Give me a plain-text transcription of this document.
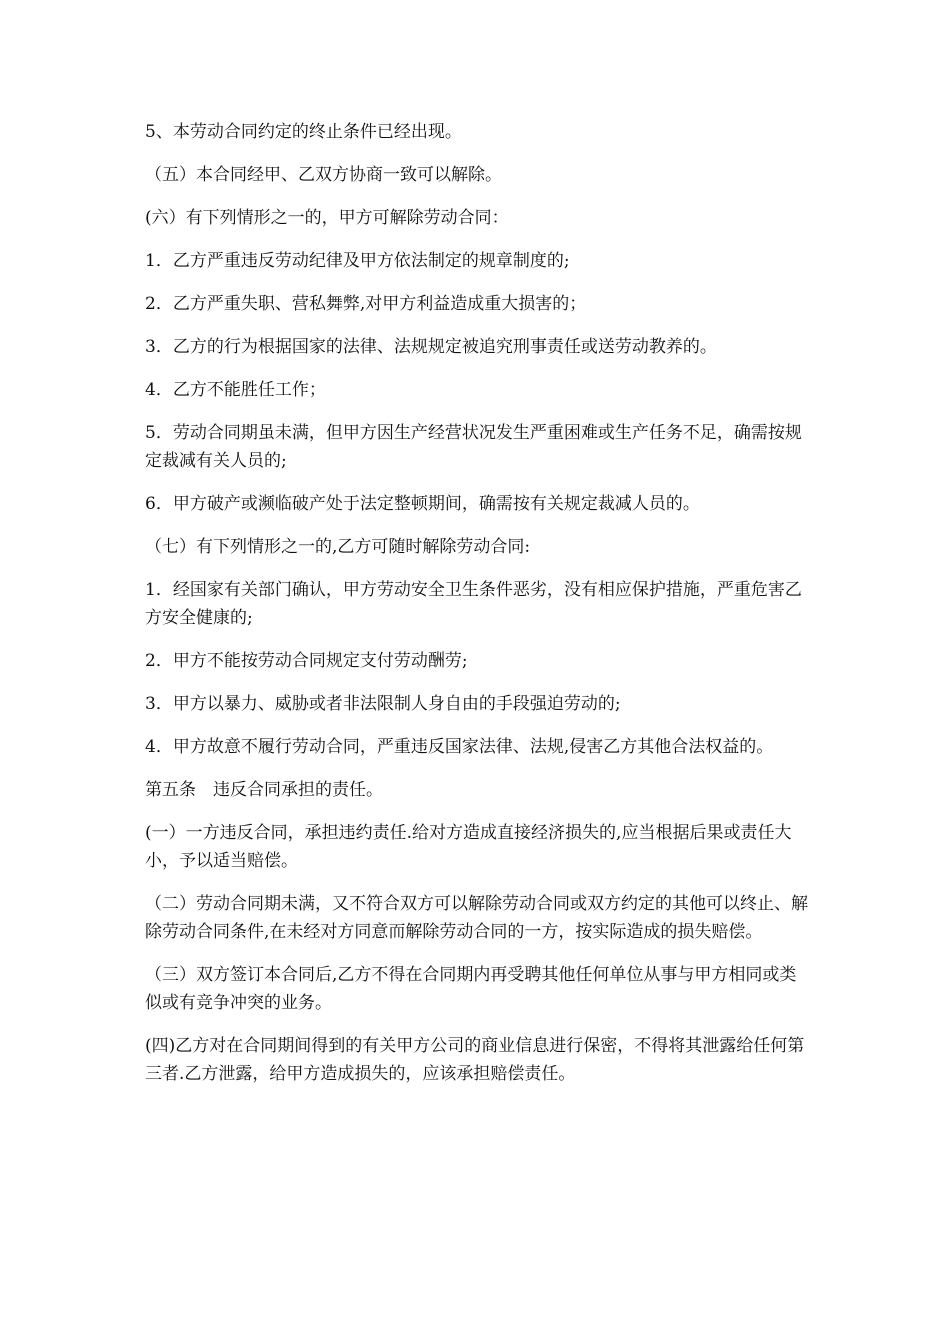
5、本劳动合同约定的终止条件已经出现。

（五）本合同经甲、乙双方协商一致可以解除。

(六）有下列情形之一的，甲方可解除劳动合同：

1．乙方严重违反劳动纪律及甲方依法制定的规章制度的;

2．乙方严重失职、营私舞弊,对甲方利益造成重大损害的；

3．乙方的行为根据国家的法律、法规规定被追究刑事责任或送劳动教养的。

4．乙方不能胜任工作；

5．劳动合同期虽未满，但甲方因生产经营状况发生严重困难或生产任务不足，确需按规定裁减有关人员的;

6．甲方破产或濒临破产处于法定整顿期间，确需按有关规定裁减人员的。

（七）有下列情形之一的,乙方可随时解除劳动合同:

1．经国家有关部门确认，甲方劳动安全卫生条件恶劣，没有相应保护措施，严重危害乙方安全健康的;

2．甲方不能按劳动合同规定支付劳动酬劳;

3．甲方以暴力、威胁或者非法限制人身自由的手段强迫劳动的;

4．甲方故意不履行劳动合同，严重违反国家法律、法规,侵害乙方其他合法权益的。

第五条　违反合同承担的责任。

(一）一方违反合同，承担违约责任.给对方造成直接经济损失的,应当根据后果或责任大小，予以适当赔偿。

（二）劳动合同期未满，又不符合双方可以解除劳动合同或双方约定的其他可以终止、解除劳动合同条件,在未经对方同意而解除劳动合同的一方，按实际造成的损失赔偿。

（三）双方签订本合同后,乙方不得在合同期内再受聘其他任何单位从事与甲方相同或类似或有竞争冲突的业务。

(四)乙方对在合同期间得到的有关甲方公司的商业信息进行保密，不得将其泄露给任何第三者.乙方泄露，给甲方造成损失的，应该承担赔偿责任。
